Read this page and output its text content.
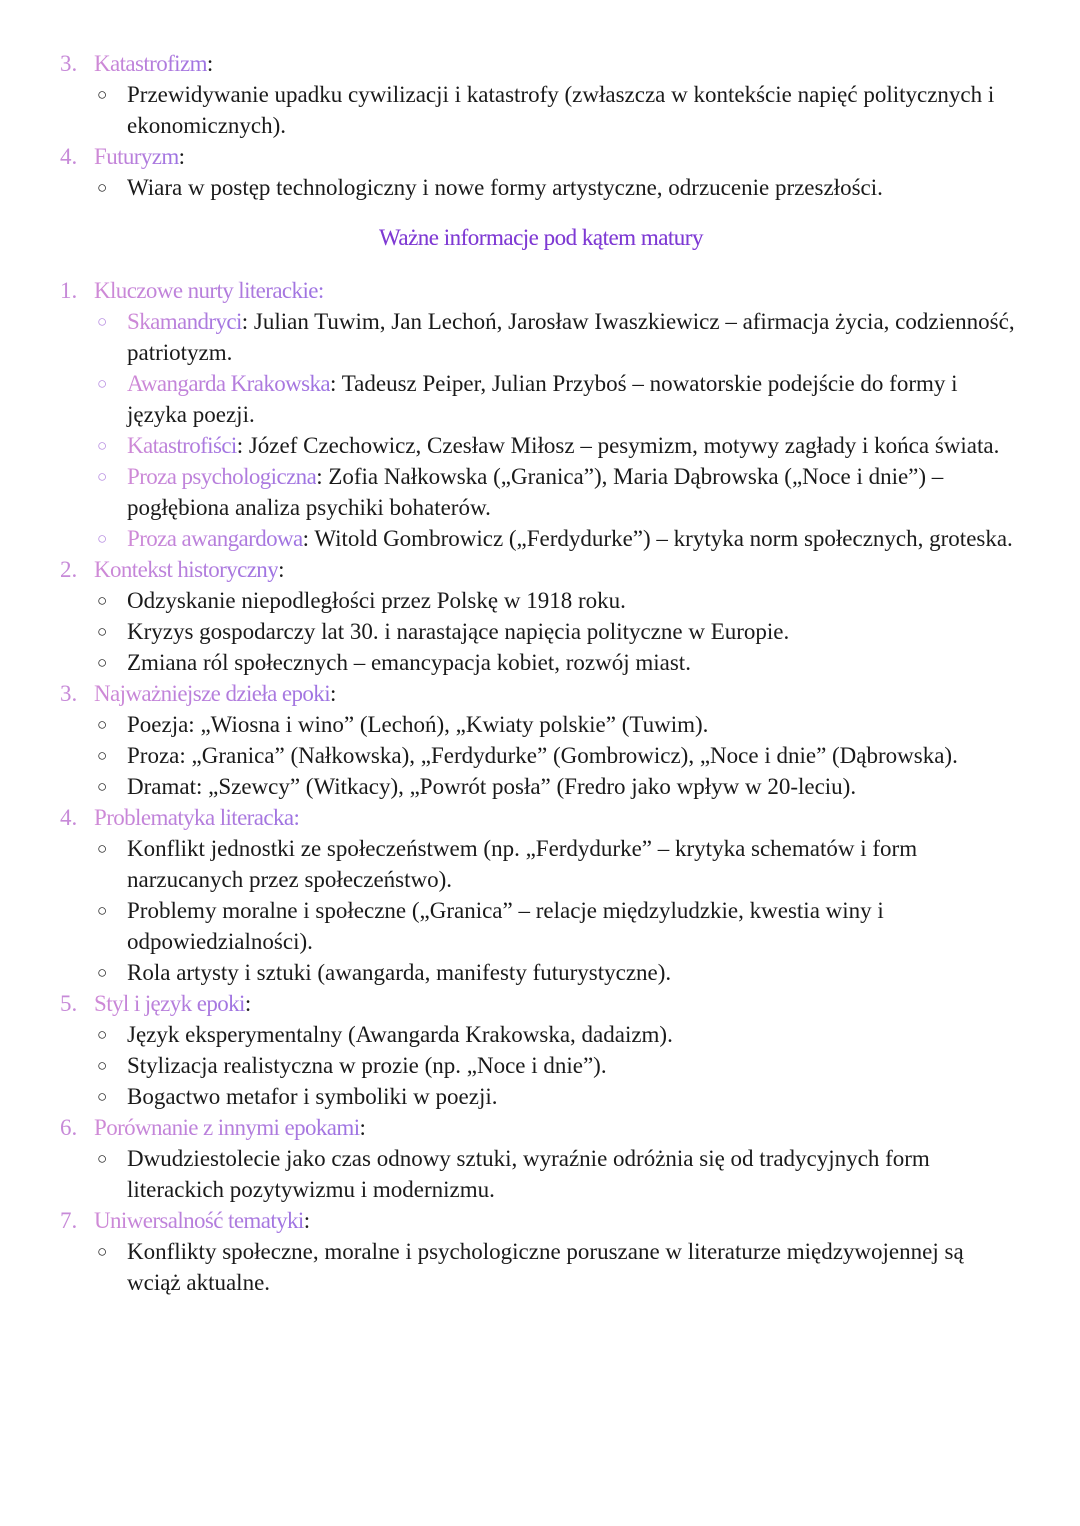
3. Katastrofizm:
○ Przewidywanie upadku cywilizacji i katastrofy (zwłaszcza w kontekście napięć politycznych i ekonomicznych).
4. Futuryzm:
○ Wiara w postęp technologiczny i nowe formy artystyczne, odrzucenie przeszłości.
Ważne informacje pod kątem matury
1. Kluczowe nurty literackie:
○ Skamandryci: Julian Tuwim, Jan Lechoń, Jarosław Iwaszkiewicz – afirmacja życia, codzienność, patriotyzm.
○ Awangarda Krakowska: Tadeusz Peiper, Julian Przyboś – nowatorskie podejście do formy i języka poezji.
○ Katastrofiści: Józef Czechowicz, Czesław Miłosz – pesymizm, motywy zagłady i końca świata.
○ Proza psychologiczna: Zofia Nałkowska („Granica”), Maria Dąbrowska („Noce i dnie”) – pogłębiona analiza psychiki bohaterów.
○ Proza awangardowa: Witold Gombrowicz („Ferdydurke”) – krytyka norm społecznych, groteska.
2. Kontekst historyczny:
○ Odzyskanie niepodległości przez Polskę w 1918 roku.
○ Kryzys gospodarczy lat 30. i narastające napięcia polityczne w Europie.
○ Zmiana ról społecznych – emancypacja kobiet, rozwój miast.
3. Najważniejsze dzieła epoki:
○ Poezja: „Wiosna i wino” (Lechoń), „Kwiaty polskie” (Tuwim).
○ Proza: „Granica” (Nałkowska), „Ferdydurke” (Gombrowicz), „Noce i dnie” (Dąbrowska).
○ Dramat: „Szewcy” (Witkacy), „Powrót posła” (Fredro jako wpływ w 20-leciu).
4. Problematyka literacka:
○ Konflikt jednostki ze społeczeństwem (np. „Ferdydurke” – krytyka schematów i form narzucanych przez społeczeństwo).
○ Problemy moralne i społeczne („Granica” – relacje międzyludzkie, kwestia winy i odpowiedzialności).
○ Rola artysty i sztuki (awangarda, manifesty futurystyczne).
5. Styl i język epoki:
○ Język eksperymentalny (Awangarda Krakowska, dadaizm).
○ Stylizacja realistyczna w prozie (np. „Noce i dnie”).
○ Bogactwo metafor i symboliki w poezji.
6. Porównanie z innymi epokami:
○ Dwudziestolecie jako czas odnowy sztuki, wyraźnie odróżnia się od tradycyjnych form literackich pozytywizmu i modernizmu.
7. Uniwersalność tematyki:
○ Konflikty społeczne, moralne i psychologiczne poruszane w literaturze międzywojennej są wciąż aktualne.
